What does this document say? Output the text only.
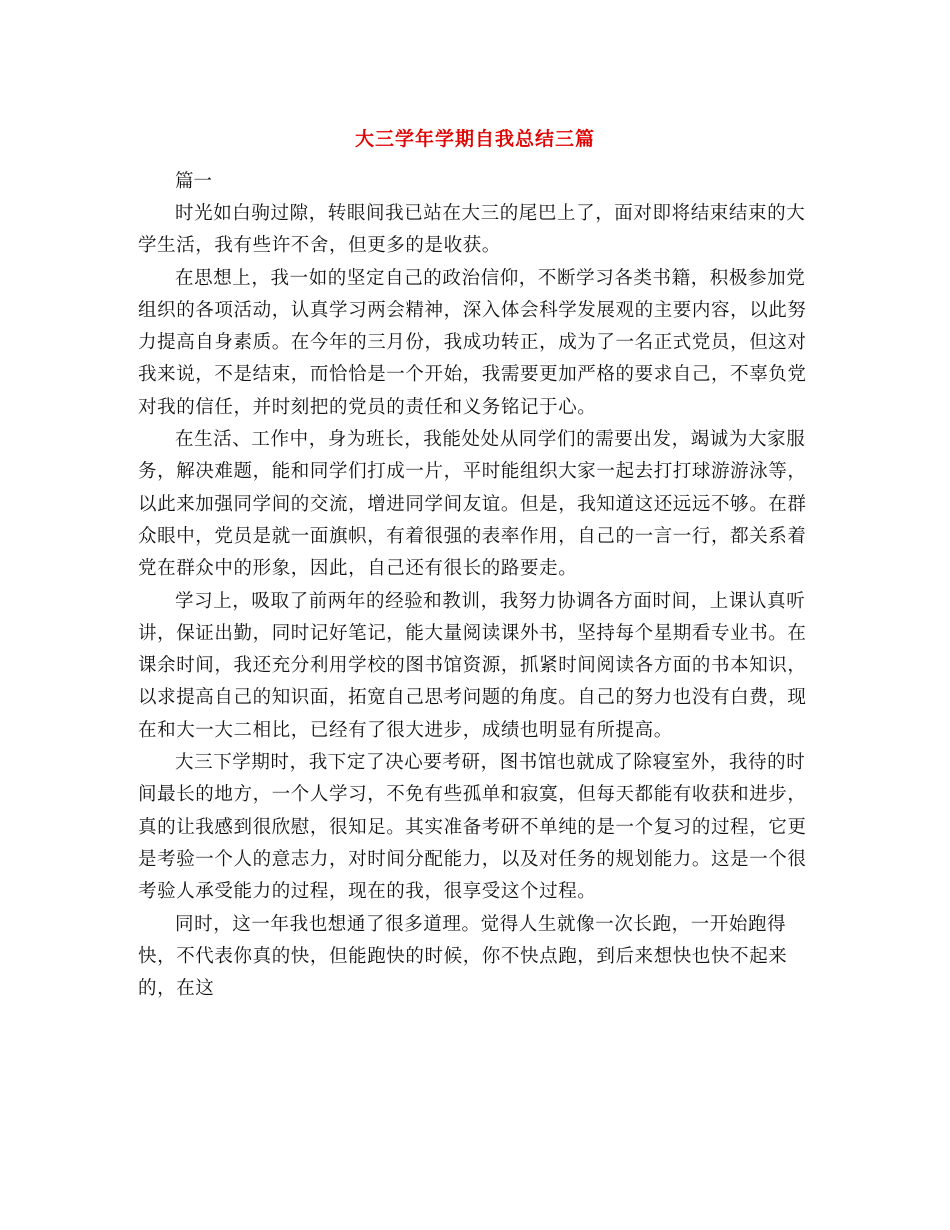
大三学年学期自我总结三篇
篇一

时光如白驹过隙，转眼间我已站在大三的尾巴上了，面对即将结束结束的大学生活，我有些许不舍，但更多的是收获。

在思想上，我一如的坚定自己的政治信仰，不断学习各类书籍，积极参加党组织的各项活动，认真学习两会精神，深入体会科学发展观的主要内容，以此努力提高自身素质。在今年的三月份，我成功转正，成为了一名正式党员，但这对我来说，不是结束，而恰恰是一个开始，我需要更加严格的要求自己，不辜负党对我的信任，并时刻把的党员的责任和义务铭记于心。

在生活、工作中，身为班长，我能处处从同学们的需要出发，竭诚为大家服务，解决难题，能和同学们打成一片，平时能组织大家一起去打打球游游泳等，以此来加强同学间的交流，增进同学间友谊。但是，我知道这还远远不够。在群众眼中，党员是就一面旗帜，有着很强的表率作用，自己的一言一行，都关系着党在群众中的形象，因此，自己还有很长的路要走。

学习上，吸取了前两年的经验和教训，我努力协调各方面时间，上课认真听讲，保证出勤，同时记好笔记，能大量阅读课外书，坚持每个星期看专业书。在课余时间，我还充分利用学校的图书馆资源，抓紧时间阅读各方面的书本知识，以求提高自己的知识面，拓宽自己思考问题的角度。自己的努力也没有白费，现在和大一大二相比，已经有了很大进步，成绩也明显有所提高。

大三下学期时，我下定了决心要考研，图书馆也就成了除寝室外，我待的时间最长的地方，一个人学习，不免有些孤单和寂寞，但每天都能有收获和进步，真的让我感到很欣慰，很知足。其实准备考研不单纯的是一个复习的过程，它更是考验一个人的意志力，对时间分配能力，以及对任务的规划能力。这是一个很考验人承受能力的过程，现在的我，很享受这个过程。

同时，这一年我也想通了很多道理。觉得人生就像一次长跑，一开始跑得快，不代表你真的快，但能跑快的时候，你不快点跑，到后来想快也快不起来的，在这
